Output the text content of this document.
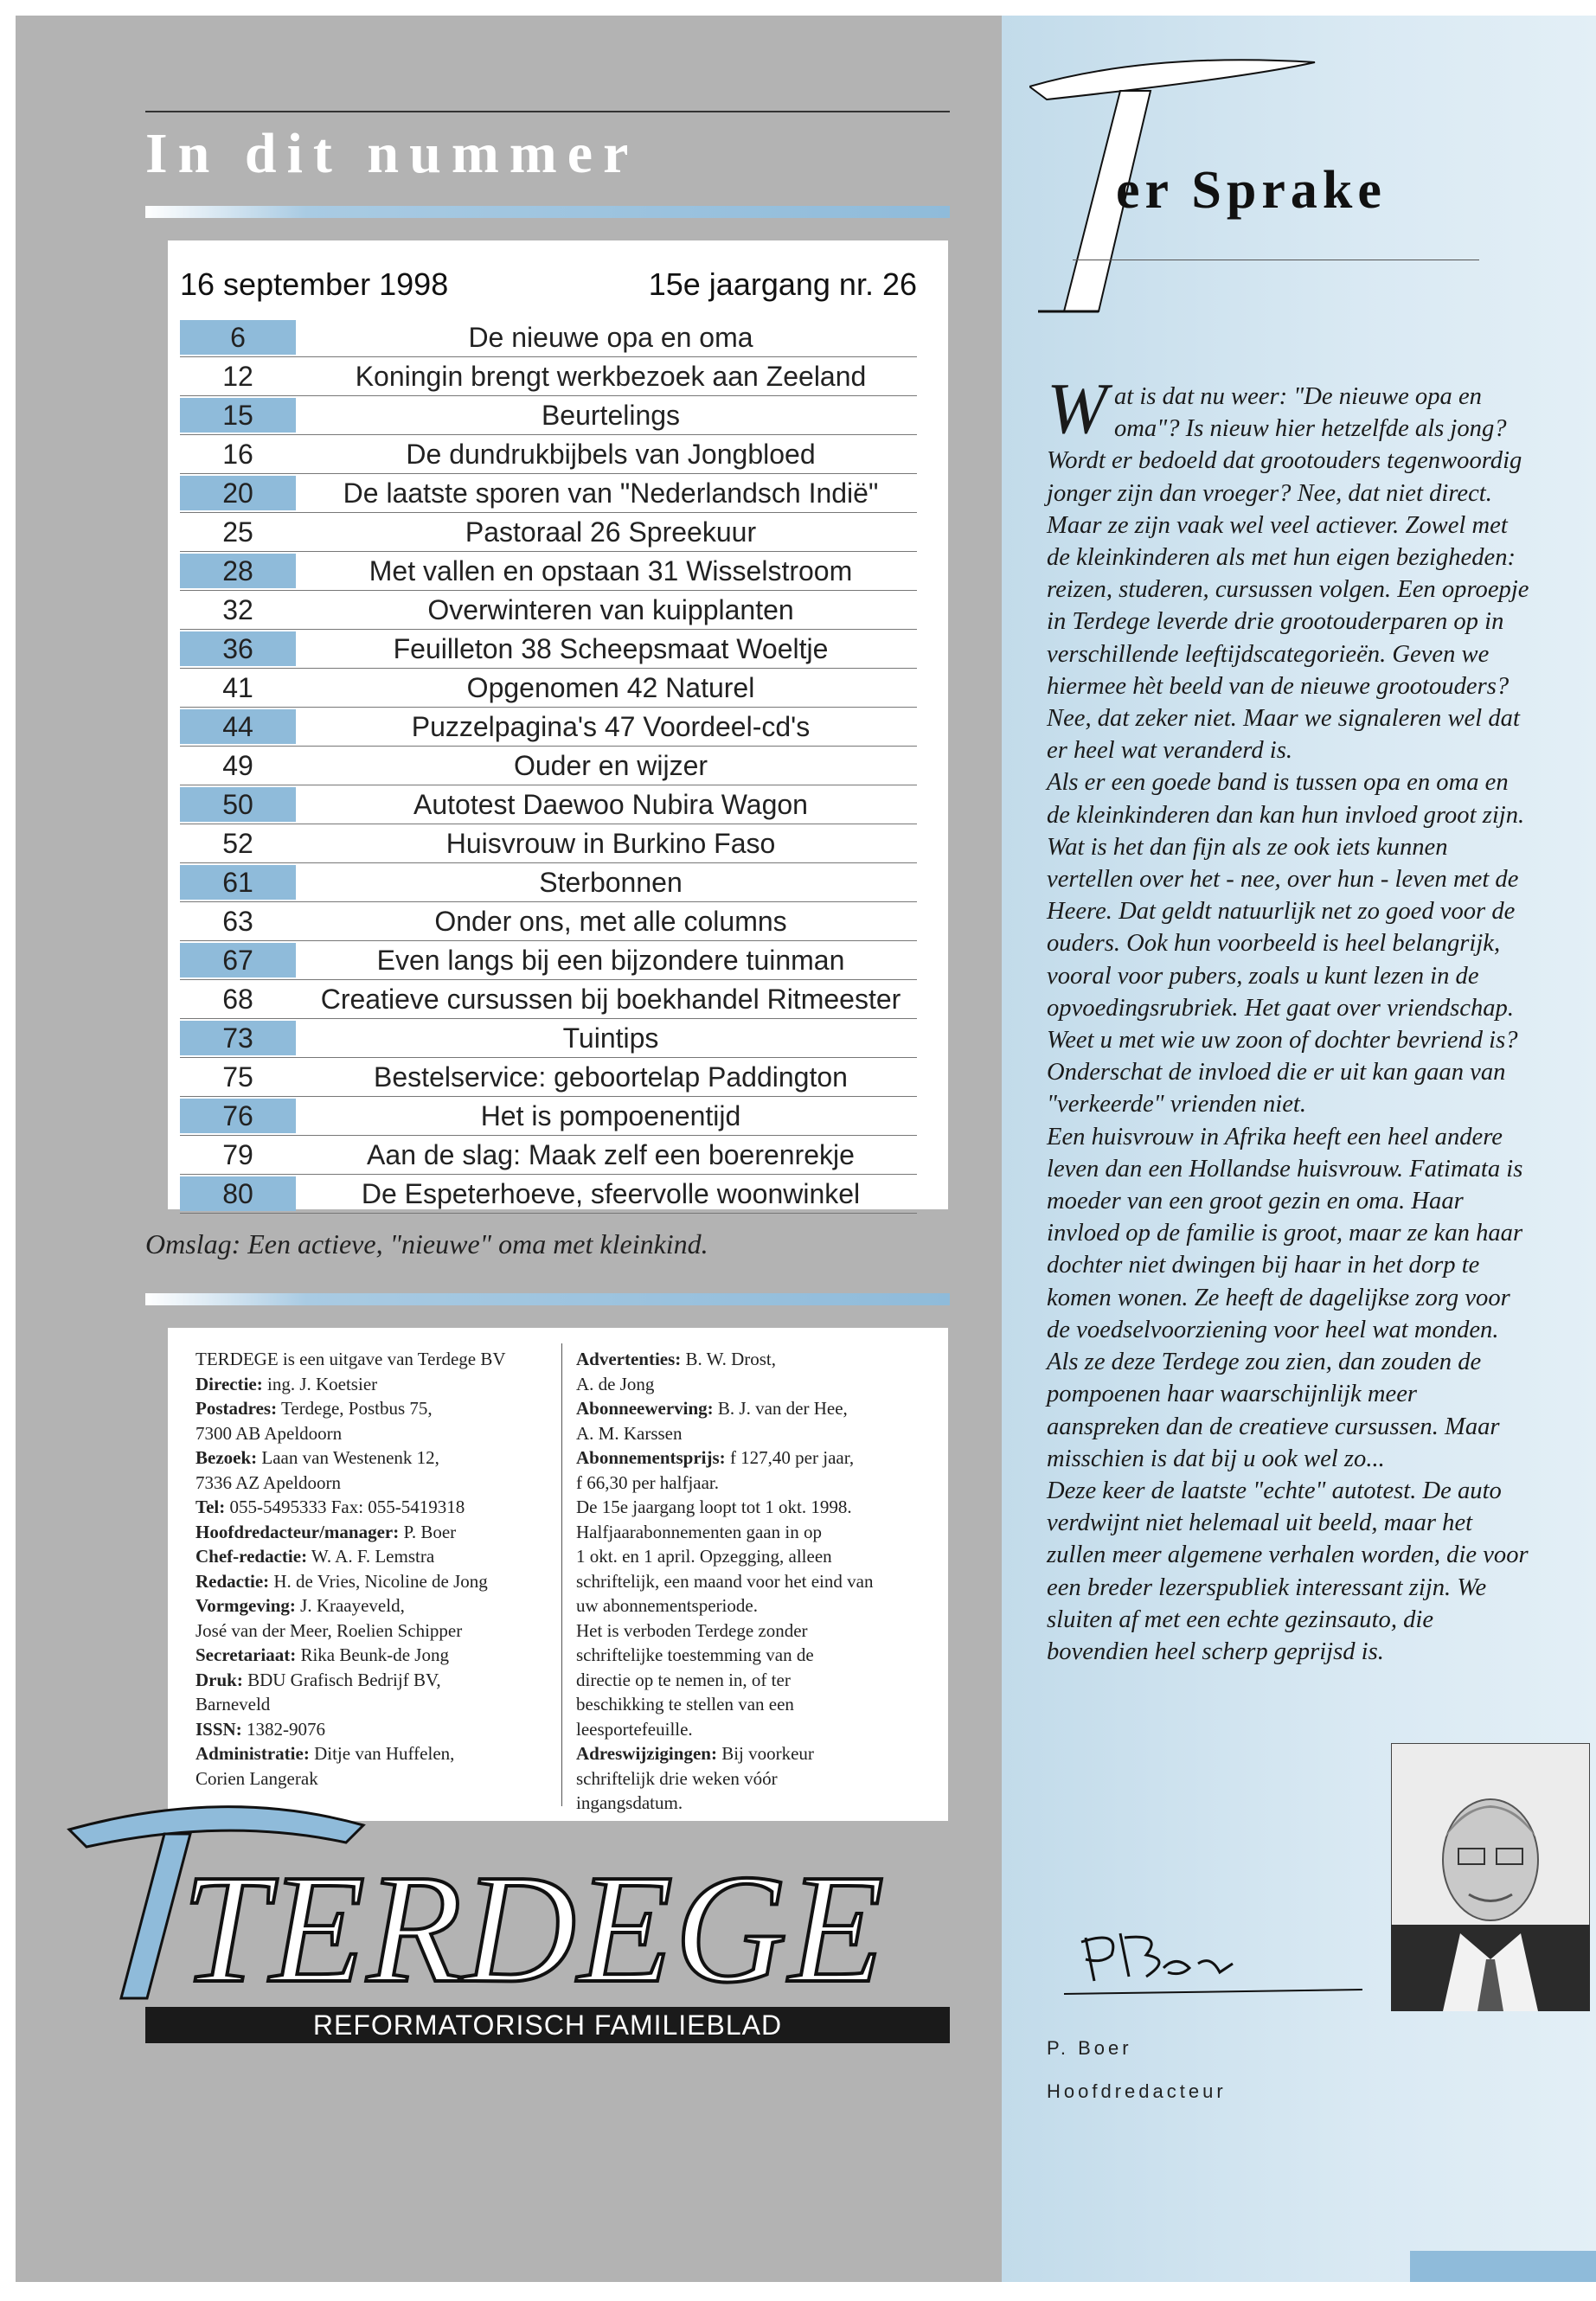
In dit nummer
16 september 1998	15e jaargang nr. 26
6	De nieuwe opa en oma
12	Koningin brengt werkbezoek aan Zeeland
15	Beurtelings
16	De dundrukbijbels van Jongbloed
20	De laatste sporen van "Nederlandsch Indië"
25	Pastoraal 26 Spreekuur
28	Met vallen en opstaan 31 Wisselstroom
32	Overwinteren van kuipplanten
36	Feuilleton 38 Scheepsmaat Woeltje
41	Opgenomen 42 Naturel
44	Puzzelpagina's 47 Voordeel-cd's
49	Ouder en wijzer
50	Autotest Daewoo Nubira Wagon
52	Huisvrouw in Burkino Faso
61	Sterbonnen
63	Onder ons, met alle columns
67	Even langs bij een bijzondere tuinman
68	Creatieve cursussen bij boekhandel Ritmeester
73	Tuintips
75	Bestelservice: geboortelap Paddington
76	Het is pompoenentijd
79	Aan de slag: Maak zelf een boerenrekje
80	De Espeterhoeve, sfeervolle woonwinkel
Omslag: Een actieve, "nieuwe" oma met kleinkind.

TERDEGE is een uitgave van Terdege BV

Directie: ing. J. Koetsier

Postadres: Terdege, Postbus 75,

7300 AB Apeldoorn

Bezoek: Laan van Westenenk 12,

7336 AZ Apeldoorn

Tel: 055-5495333 Fax: 055-5419318

Hoofdredacteur/manager: P. Boer

Chef-redactie: W. A. F. Lemstra

Redactie: H. de Vries, Nicoline de Jong

Vormgeving: J. Kraayeveld,

José van der Meer, Roelien Schipper

Secretariaat: Rika Beunk-de Jong

Druk: BDU Grafisch Bedrijf BV,

Barneveld

ISSN: 1382-9076

Administratie: Ditje van Huffelen,

Corien Langerak

Advertenties: B. W. Drost,

A. de Jong

Abonneewerving: B. J. van der Hee,

A. M. Karssen

Abonnementsprijs: f 127,40 per jaar,

f 66,30 per halfjaar.

De 15e jaargang loopt tot 1 okt. 1998.

Halfjaarabonnementen gaan in op

1 okt. en 1 april. Opzegging, alleen

schriftelijk, een maand voor het eind van

uw abonnementsperiode.

Het is verboden Terdege zonder

schriftelijke toestemming van de

directie op te nemen in, of ter

beschikking te stellen van een

leesportefeuille.

Adreswijzigingen: Bij voorkeur

schriftelijk drie weken vóór

ingangsdatum.

TERDEGE
REFORMATORISCH FAMILIEBLAD
er Sprake

Wat is dat nu weer: "De nieuwe opa en oma"? Is nieuw hier hetzelfde als jong? Wordt er bedoeld dat grootouders tegenwoordig jonger zijn dan vroeger? Nee, dat niet direct. Maar ze zijn vaak wel veel actiever. Zowel met de kleinkinderen als met hun eigen bezigheden: reizen, studeren, cursussen volgen. Een oproepje in Terdege leverde drie grootouderparen op in verschillende leeftijdscategorieën. Geven we hiermee hèt beeld van de nieuwe grootouders? Nee, dat zeker niet. Maar we signaleren wel dat er heel wat veranderd is.

Als er een goede band is tussen opa en oma en de kleinkinderen dan kan hun invloed groot zijn. Wat is het dan fijn als ze ook iets kunnen vertellen over het - nee, over hun - leven met de Heere. Dat geldt natuurlijk net zo goed voor de ouders. Ook hun voorbeeld is heel belangrijk, vooral voor pubers, zoals u kunt lezen in de opvoedingsrubriek. Het gaat over vriendschap. Weet u met wie uw zoon of dochter bevriend is? Onderschat de invloed die er uit kan gaan van "verkeerde" vrienden niet.

Een huisvrouw in Afrika heeft een heel andere leven dan een Hollandse huisvrouw. Fatimata is moeder van een groot gezin en oma. Haar invloed op de familie is groot, maar ze kan haar dochter niet dwingen bij haar in het dorp te komen wonen. Ze heeft de dagelijkse zorg voor de voedselvoorziening voor heel wat monden. Als ze deze Terdege zou zien, dan zouden de pompoenen haar waarschijnlijk meer aanspreken dan de creatieve cursussen. Maar misschien is dat bij u ook wel zo...

Deze keer de laatste "echte" autotest. De auto verdwijnt niet helemaal uit beeld, maar het zullen meer algemene verhalen worden, die voor een breder lezerspubliek interessant zijn. We sluiten af met een echte gezinsauto, die bovendien heel scherp geprijsd is.

P. Boer
Hoofdredacteur
